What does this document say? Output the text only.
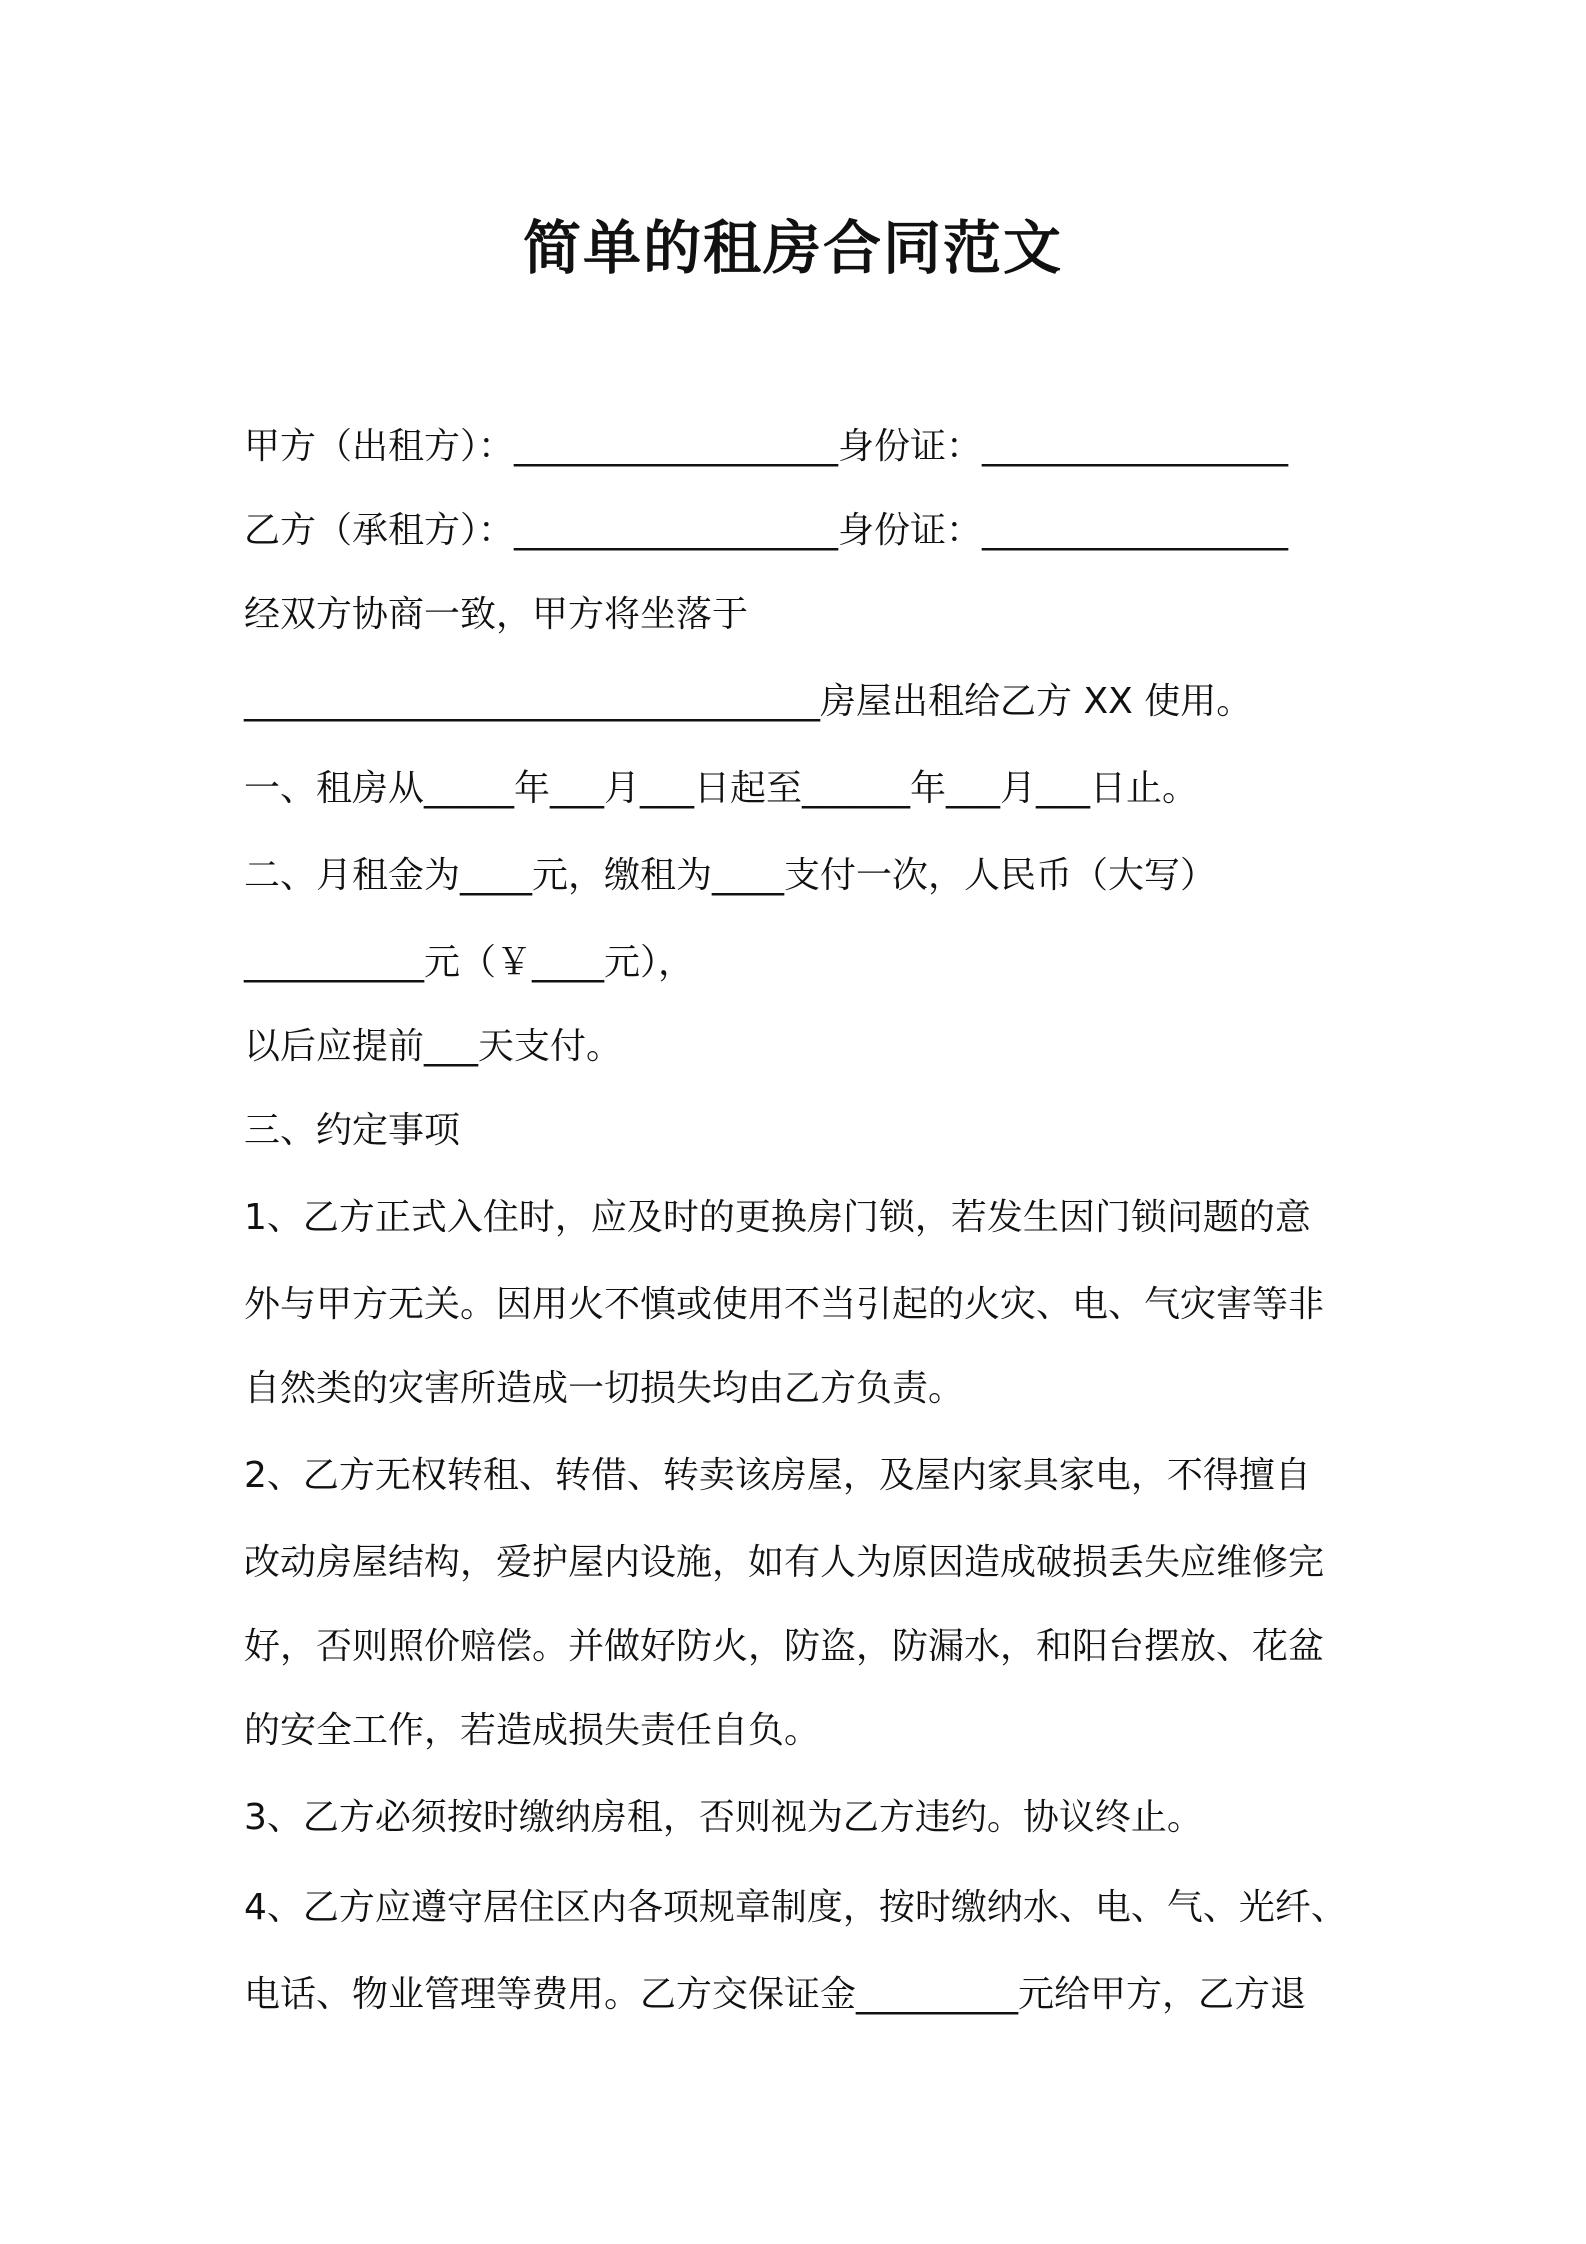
简单的租房合同范文

甲方（出租方）：__________________身份证：_________________

乙方（承租方）：__________________身份证：_________________

经双方协商一致，甲方将坐落于

________________________________房屋出租给乙方 XX 使用。

一、租房从_____年___月___日起至______年___月___日止。

二、月租金为____元，缴租为____支付一次，人民币（大写）

__________元（￥____元），

以后应提前___天支付。

三、约定事项

1、乙方正式入住时，应及时的更换房门锁，若发生因门锁问题的意

外与甲方无关。因用火不慎或使用不当引起的火灾、电、气灾害等非

自然类的灾害所造成一切损失均由乙方负责。

2、乙方无权转租、转借、转卖该房屋，及屋内家具家电，不得擅自

改动房屋结构，爱护屋内设施，如有人为原因造成破损丢失应维修完

好，否则照价赔偿。并做好防火，防盗，防漏水，和阳台摆放、花盆

的安全工作，若造成损失责任自负。

3、乙方必须按时缴纳房租，否则视为乙方违约。协议终止。

4、乙方应遵守居住区内各项规章制度，按时缴纳水、电、气、光纤、

电话、物业管理等费用。乙方交保证金_________元给甲方，乙方退
